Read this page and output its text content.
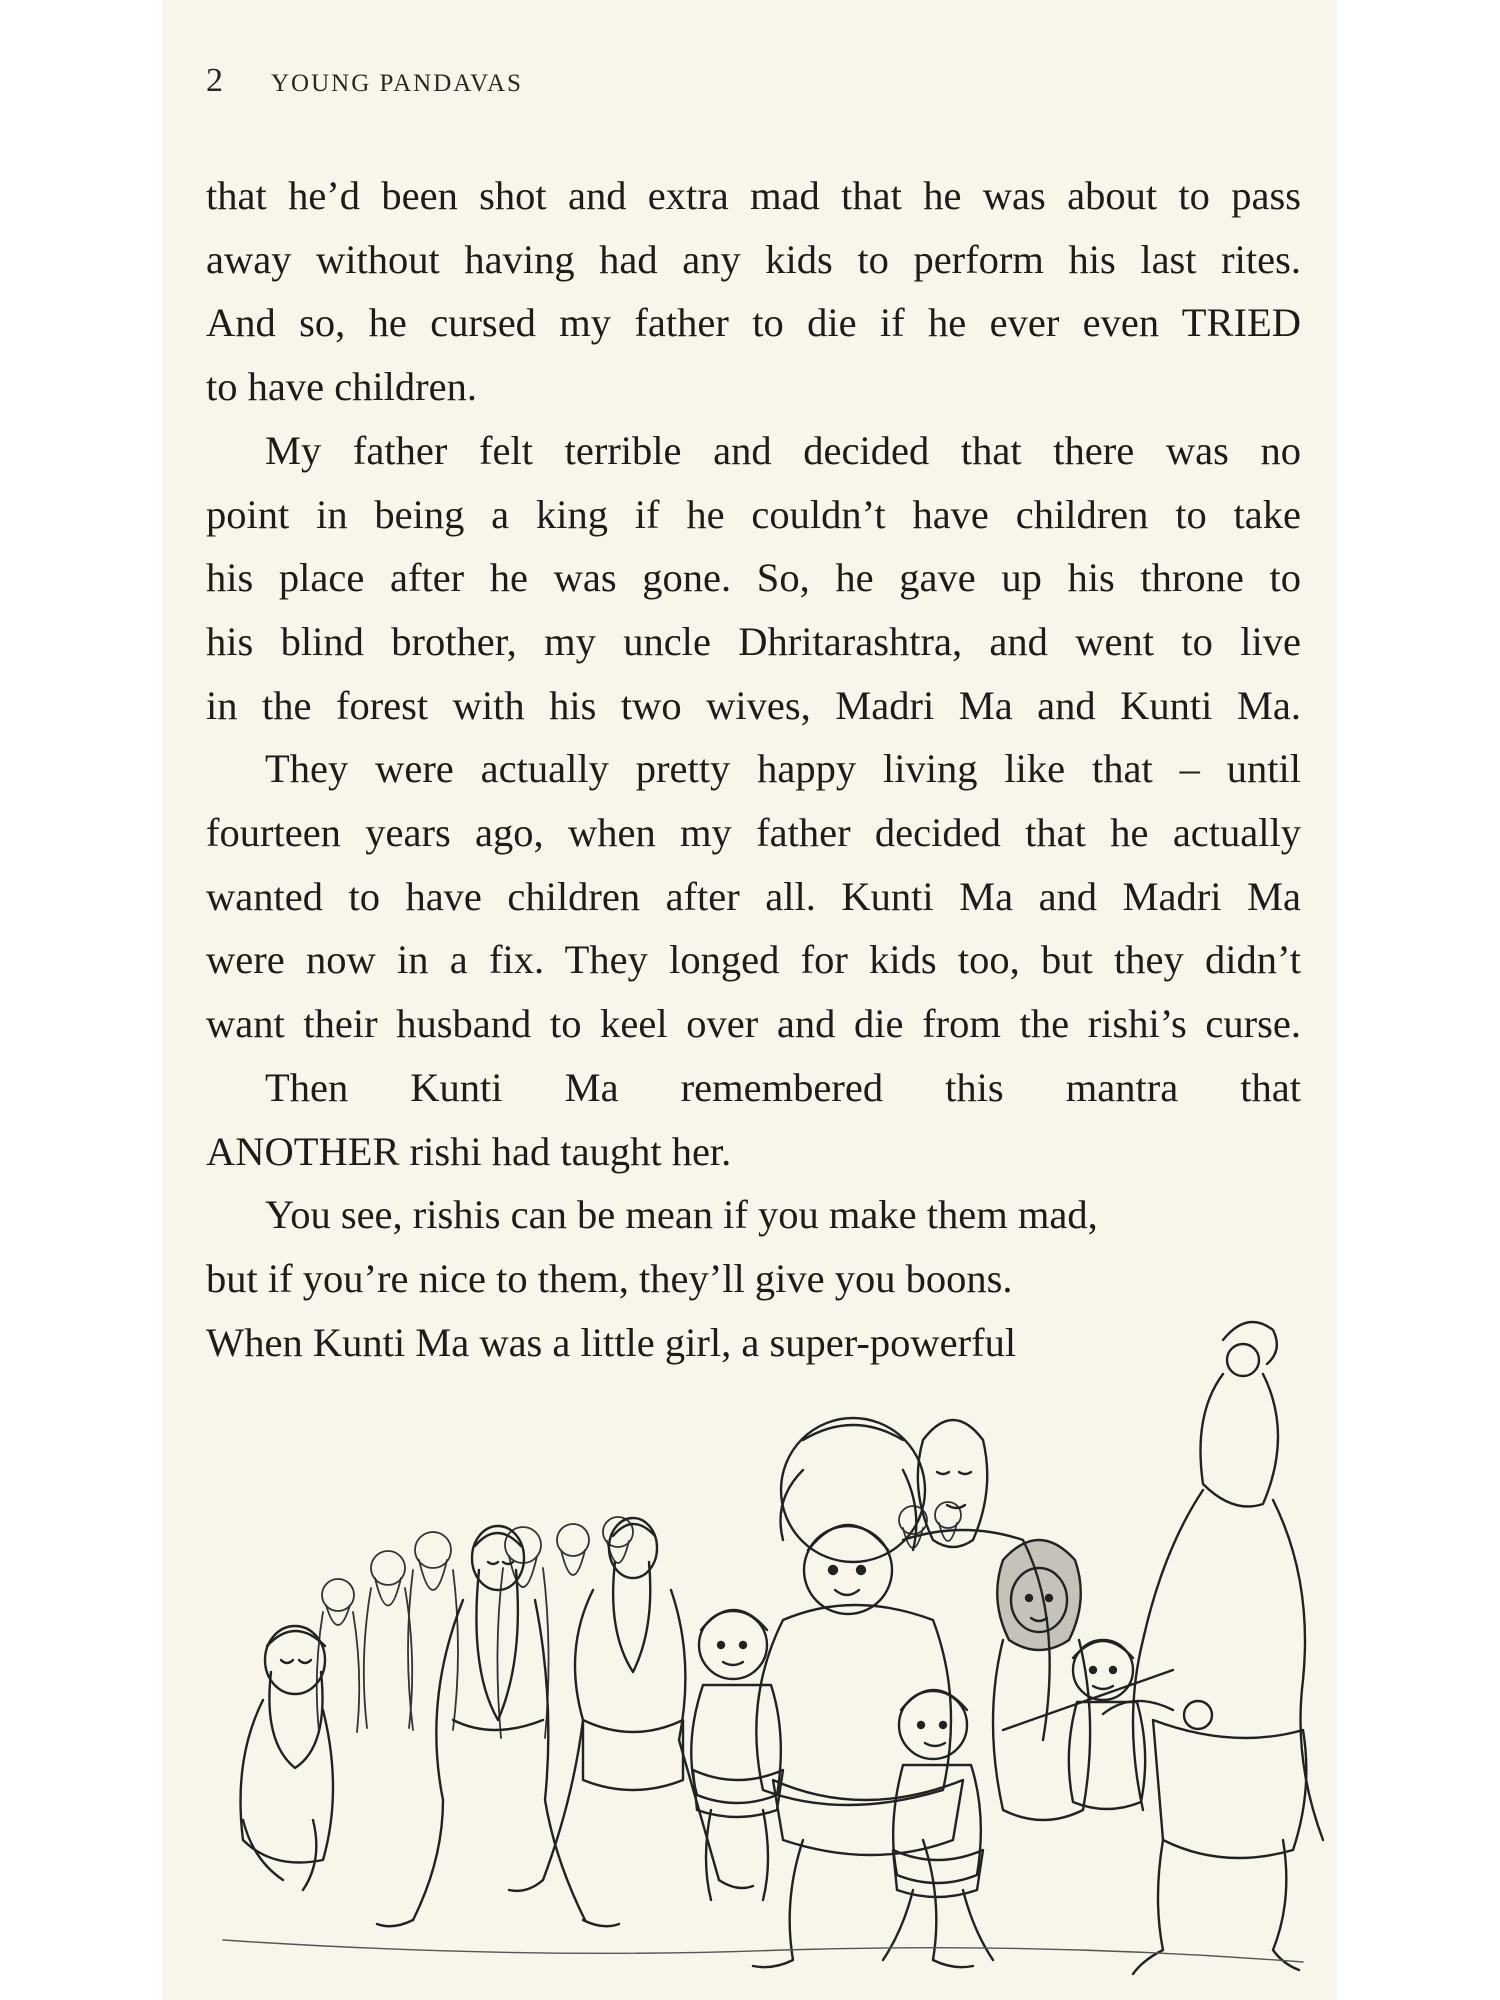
2 YOUNG PANDAVAS
that he’d been shot and extra mad that he was about to pass
away without having had any kids to perform his last rites.
And so, he cursed my father to die if he ever even TRIED
to have children.
My father felt terrible and decided that there was no
point in being a king if he couldn’t have children to take
his place after he was gone. So, he gave up his throne to
his blind brother, my uncle Dhritarashtra, and went to live
in the forest with his two wives, Madri Ma and Kunti Ma.
They were actually pretty happy living like that – until
fourteen years ago, when my father decided that he actually
wanted to have children after all. Kunti Ma and Madri Ma
were now in a fix. They longed for kids too, but they didn’t
want their husband to keel over and die from the rishi’s curse.
Then Kunti Ma remembered this mantra that
ANOTHER rishi had taught her.
You see, rishis can be mean if you make them mad,
but if you’re nice to them, they’ll give you boons.
When Kunti Ma was a little girl, a super-powerful
